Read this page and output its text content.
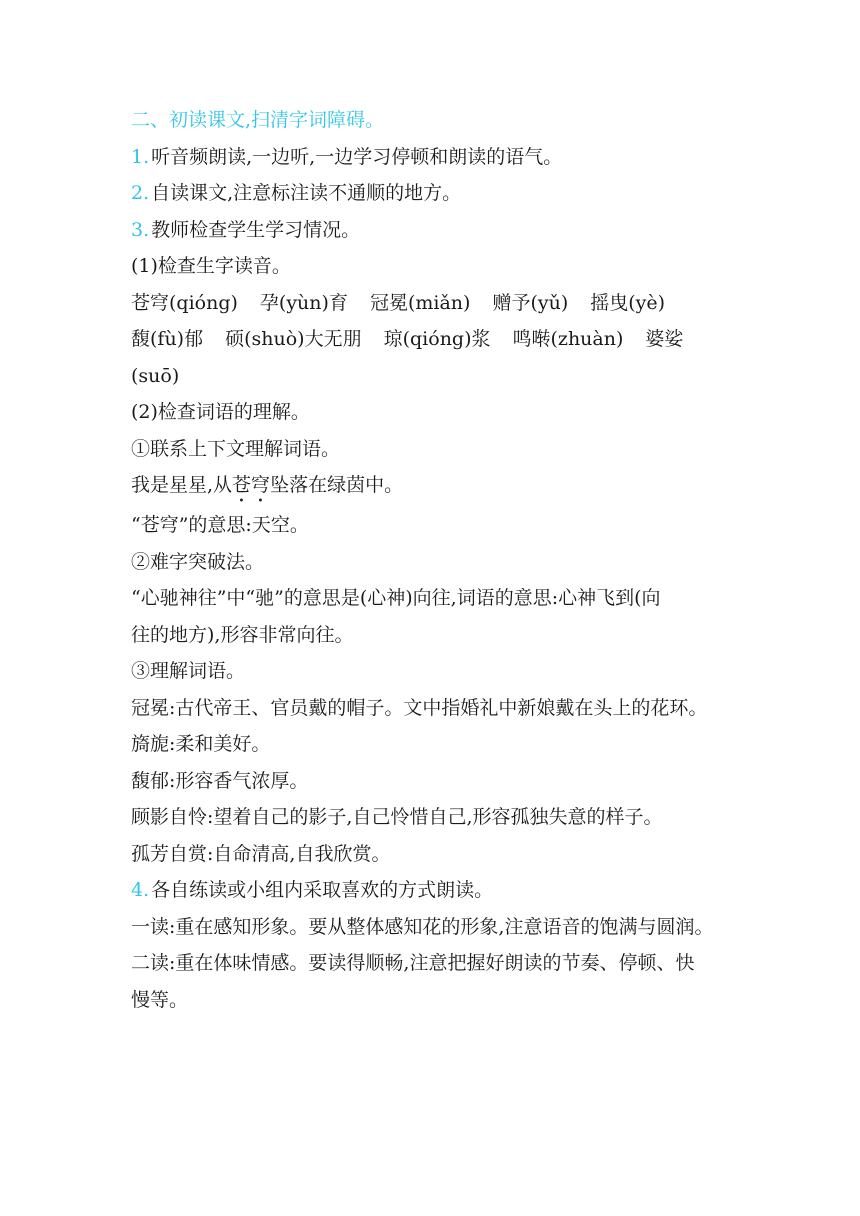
二、初读课文,扫清字词障碍。
1. 听音频朗读,一边听,一边学习停顿和朗读的语气。
2. 自读课文,注意标注读不通顺的地方。
3. 教师检查学生学习情况。
(1)检查生字读音。
苍穹(qióng) 孕(yùn)育 冠冕(miǎn) 赠予(yǔ) 摇曳(yè)
馥(fù)郁 硕(shuò)大无朋 琼(qióng)浆 鸣啭(zhuàn) 婆娑
(suō)
(2)检查词语的理解。
①联系上下文理解词语。
我是星星,从苍穹坠落在绿茵中。
“苍穹”的意思:天空。
②难字突破法。
“心驰神往”中“驰”的意思是(心神)向往,词语的意思:心神飞到(向
往的地方),形容非常向往。
③理解词语。
冠冕:古代帝王、官员戴的帽子。文中指婚礼中新娘戴在头上的花环。
旖旎:柔和美好。
馥郁:形容香气浓厚。
顾影自怜:望着自己的影子,自己怜惜自己,形容孤独失意的样子。
孤芳自赏:自命清高,自我欣赏。
4. 各自练读或小组内采取喜欢的方式朗读。
一读:重在感知形象。要从整体感知花的形象,注意语音的饱满与圆润。
二读:重在体味情感。要读得顺畅,注意把握好朗读的节奏、停顿、快
慢等。
